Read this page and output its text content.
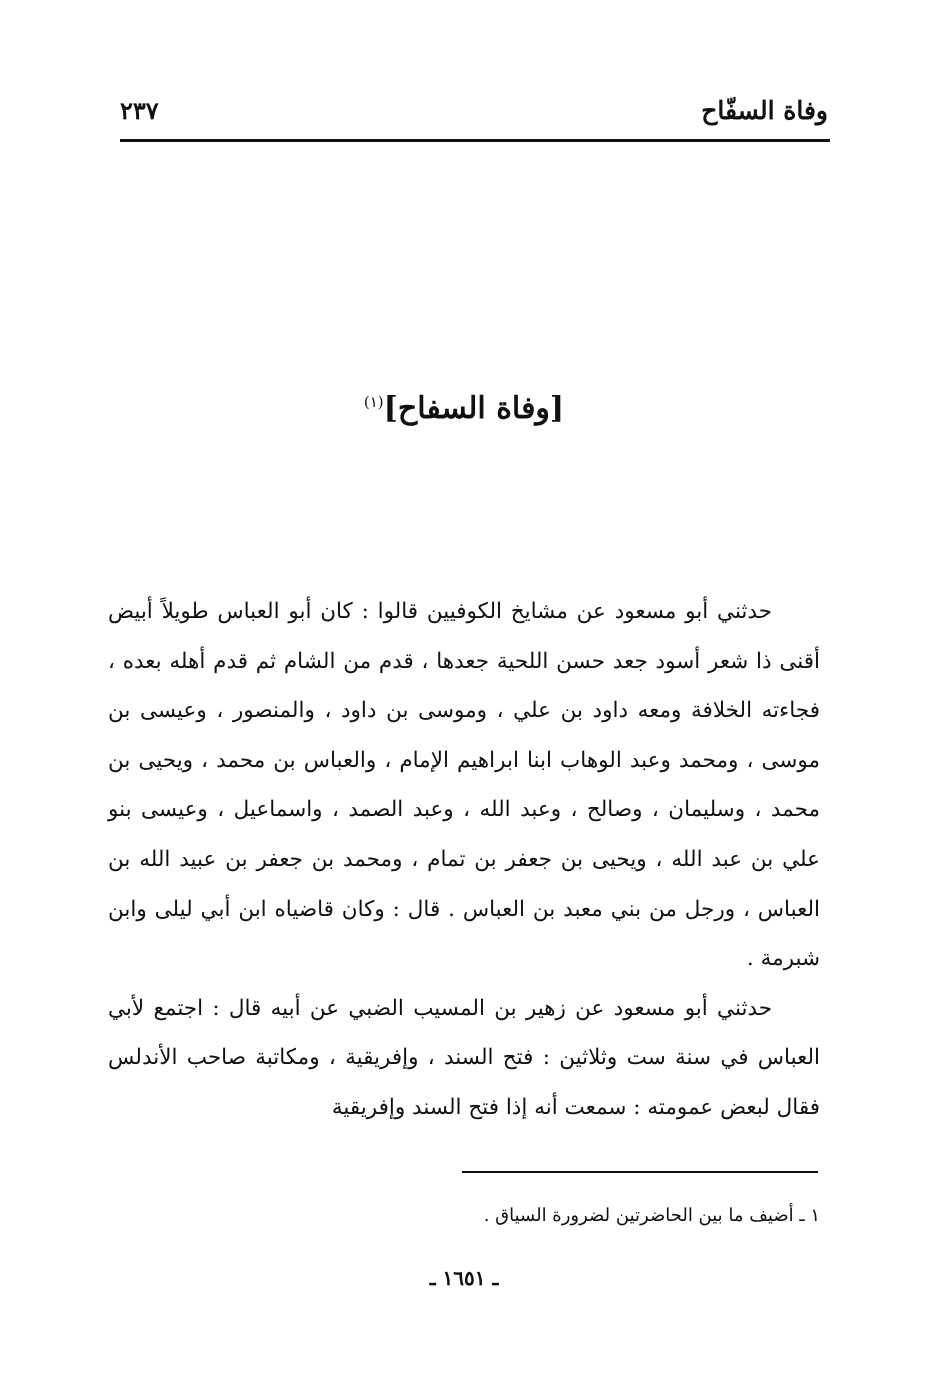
وفاة السفّاح
٢٣٧
[وفاة السفاح]$^{(١)}$

حدثني أبو مسعود عن مشايخ الكوفيين قالوا : كان أبو العباس طويلاً أبيض أقنى ذا شعر أسود جعد حسن اللحية جعدها ، قدم من الشام ثم قدم أهله بعده ، فجاءته الخلافة ومعه داود بن علي ، وموسى بن داود ، والمنصور ، وعيسى بن موسى ، ومحمد وعبد الوهاب ابنا ابراهيم الإمام ، والعباس بن محمد ، ويحيى بن محمد ، وسليمان ، وصالح ، وعبد الله ، وعبد الصمد ، واسماعيل ، وعيسى بنو علي بن عبد الله ، ويحيى بن جعفر بن تمام ، ومحمد بن جعفر بن عبيد الله بن العباس ، ورجل من بني معبد بن العباس . قال : وكان قاضياه ابن أبي ليلى وابن شبرمة .

حدثني أبو مسعود عن زهير بن المسيب الضبي عن أبيه قال : اجتمع لأبي العباس في سنة ست وثلاثين : فتح السند ، وإفريقية ، ومكاتبة صاحب الأندلس فقال لبعض عمومته : سمعت أنه إذا فتح السند وإفريقية

١ ـ أضيف ما بين الحاضرتين لضرورة السياق .
ـ ١٦٥١ ـ
